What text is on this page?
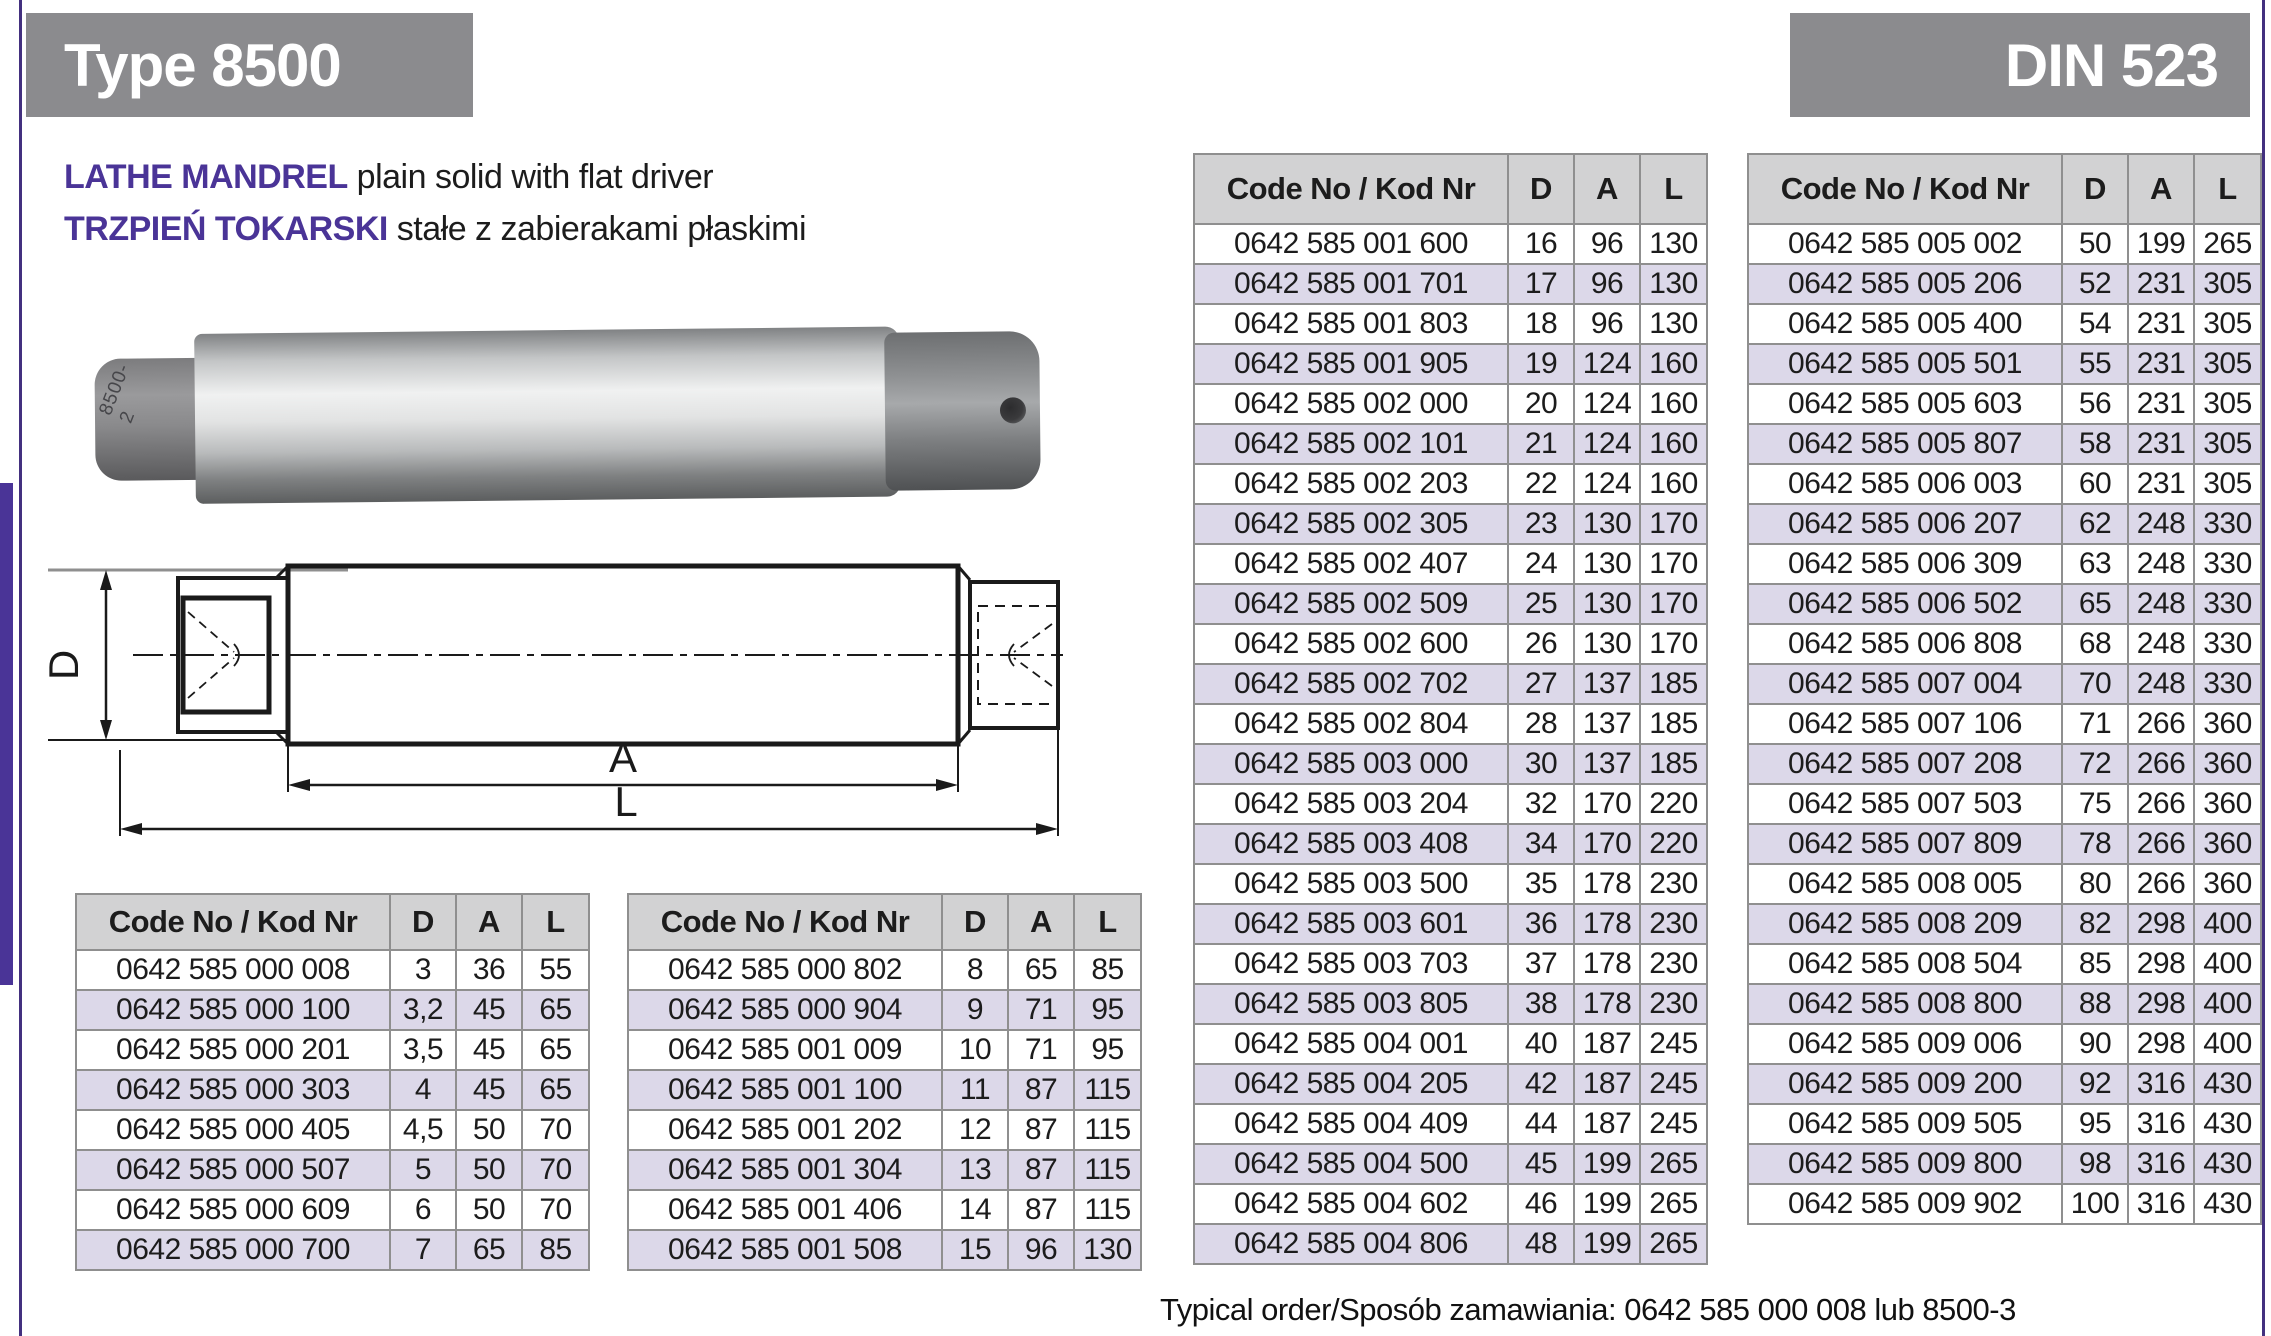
Type 8500	DIN 523
LATHE MANDREL plain solid with flat driver
TRZPIEŃ TOKARSKI stałe z zabierakami płaskimi
8500-2
D
A
L
Code No / Kod Nr	D	A	L
0642 585 000 008	3	36	55
0642 585 000 100	3,2	45	65
0642 585 000 201	3,5	45	65
0642 585 000 303	4	45	65
0642 585 000 405	4,5	50	70
0642 585 000 507	5	50	70
0642 585 000 609	6	50	70
0642 585 000 700	7	65	85
Code No / Kod Nr	D	A	L
0642 585 000 802	8	65	85
0642 585 000 904	9	71	95
0642 585 001 009	10	71	95
0642 585 001 100	11	87	115
0642 585 001 202	12	87	115
0642 585 001 304	13	87	115
0642 585 001 406	14	87	115
0642 585 001 508	15	96	130
Code No / Kod Nr	D	A	L
0642 585 001 600	16	96	130
0642 585 001 701	17	96	130
0642 585 001 803	18	96	130
0642 585 001 905	19	124	160
0642 585 002 000	20	124	160
0642 585 002 101	21	124	160
0642 585 002 203	22	124	160
0642 585 002 305	23	130	170
0642 585 002 407	24	130	170
0642 585 002 509	25	130	170
0642 585 002 600	26	130	170
0642 585 002 702	27	137	185
0642 585 002 804	28	137	185
0642 585 003 000	30	137	185
0642 585 003 204	32	170	220
0642 585 003 408	34	170	220
0642 585 003 500	35	178	230
0642 585 003 601	36	178	230
0642 585 003 703	37	178	230
0642 585 003 805	38	178	230
0642 585 004 001	40	187	245
0642 585 004 205	42	187	245
0642 585 004 409	44	187	245
0642 585 004 500	45	199	265
0642 585 004 602	46	199	265
0642 585 004 806	48	199	265
Code No / Kod Nr	D	A	L
0642 585 005 002	50	199	265
0642 585 005 206	52	231	305
0642 585 005 400	54	231	305
0642 585 005 501	55	231	305
0642 585 005 603	56	231	305
0642 585 005 807	58	231	305
0642 585 006 003	60	231	305
0642 585 006 207	62	248	330
0642 585 006 309	63	248	330
0642 585 006 502	65	248	330
0642 585 006 808	68	248	330
0642 585 007 004	70	248	330
0642 585 007 106	71	266	360
0642 585 007 208	72	266	360
0642 585 007 503	75	266	360
0642 585 007 809	78	266	360
0642 585 008 005	80	266	360
0642 585 008 209	82	298	400
0642 585 008 504	85	298	400
0642 585 008 800	88	298	400
0642 585 009 006	90	298	400
0642 585 009 200	92	316	430
0642 585 009 505	95	316	430
0642 585 009 800	98	316	430
0642 585 009 902	100	316	430
Typical order/Sposób zamawiania: 0642 585 000 008 lub 8500-3
